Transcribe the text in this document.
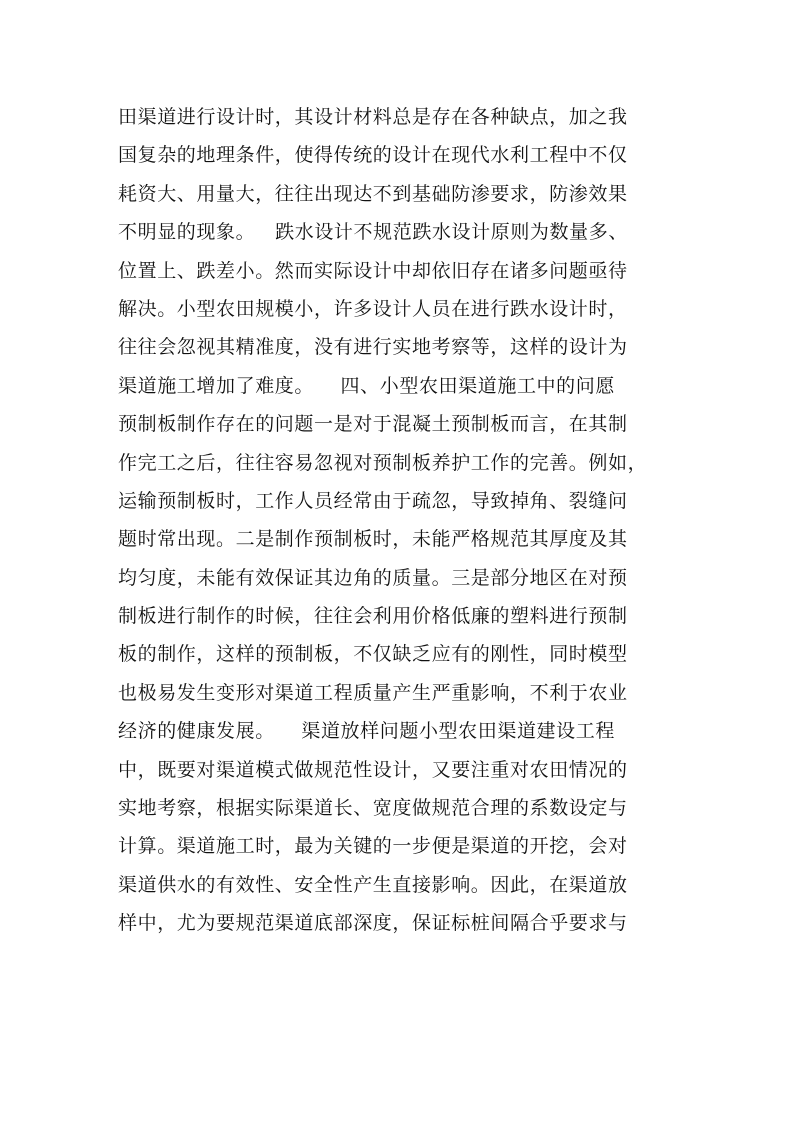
田渠道进行设计时，其设计材料总是存在各种缺点，加之我
国复杂的地理条件，使得传统的设计在现代水利工程中不仅
耗资大、用量大，往往出现达不到基础防渗要求，防渗效果
不明显的现象。   跌水设计不规范跌水设计原则为数量多、
位置上、跌差小。然而实际设计中却依旧存在诸多问题亟待
解决。小型农田规模小，许多设计人员在进行跌水设计时，
往往会忽视其精准度，没有进行实地考察等，这样的设计为
渠道施工增加了难度。    四、小型农田渠道施工中的问愿
预制板制作存在的问题一是对于混凝土预制板而言，在其制
作完工之后，往往容易忽视对预制板养护工作的完善。例如，
运输预制板时，工作人员经常由于疏忽，导致掉角、裂缝问
题时常出现。二是制作预制板时，未能严格规范其厚度及其
均匀度，未能有效保证其边角的质量。三是部分地区在对预
制板进行制作的时候，往往会利用价格低廉的塑料进行预制
板的制作，这样的预制板，不仅缺乏应有的刚性，同时模型
也极易发生变形对渠道工程质量产生严重影响，不利于农业
经济的健康发展。    渠道放样问题小型农田渠道建设工程
中，既要对渠道模式做规范性设计，又要注重对农田情况的
实地考察，根据实际渠道长、宽度做规范合理的系数设定与
计算。渠道施工时，最为关键的一步便是渠道的开挖，会对
渠道供水的有效性、安全性产生直接影响。因此，在渠道放
样中，尤为要规范渠道底部深度，保证标桩间隔合乎要求与
